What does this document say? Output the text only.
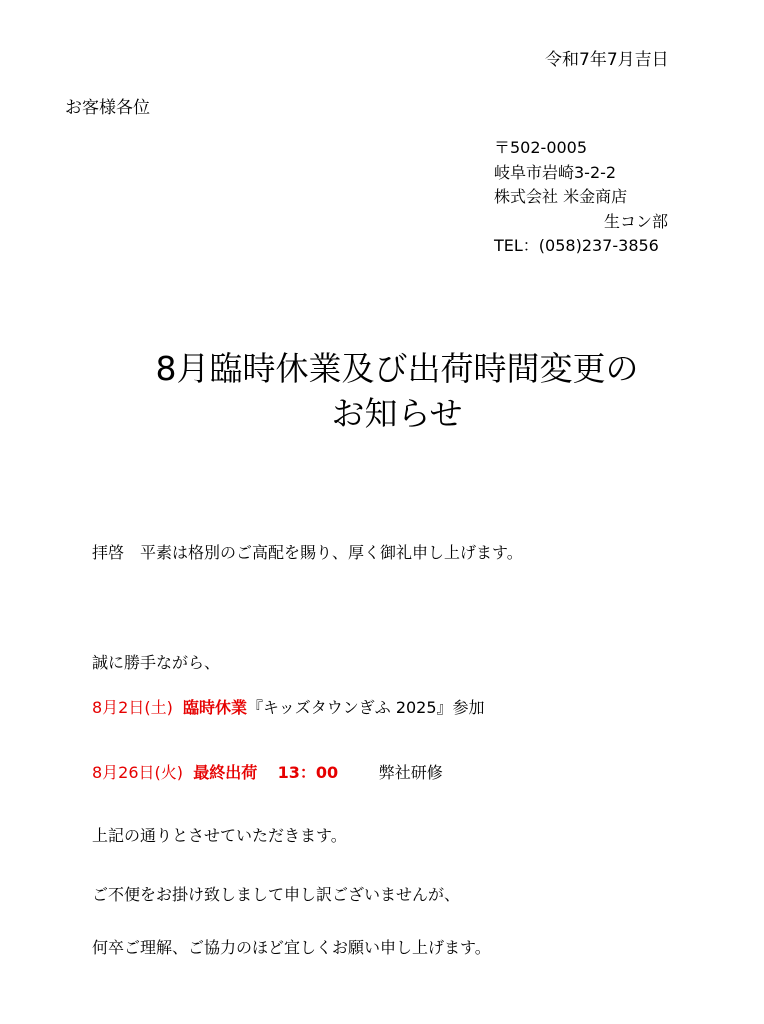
令和7年7月吉日
お客様各位
〒502-0005
岐阜市岩崎3-2-2
株式会社 米金商店
生コン部
TEL：(058)237-3856
8月臨時休業及び出荷時間変更の
お知らせ
拝啓　平素は格別のご高配を賜り、厚く御礼申し上げます。
誠に勝手ながら、
8月2日(土) 臨時休業『キッズタウンぎふ 2025』参加
8月26日(火) 最終出荷 13：00	弊社研修
上記の通りとさせていただきます。
ご不便をお掛け致しまして申し訳ございませんが、
何卒ご理解、ご協力のほど宜しくお願い申し上げます。
